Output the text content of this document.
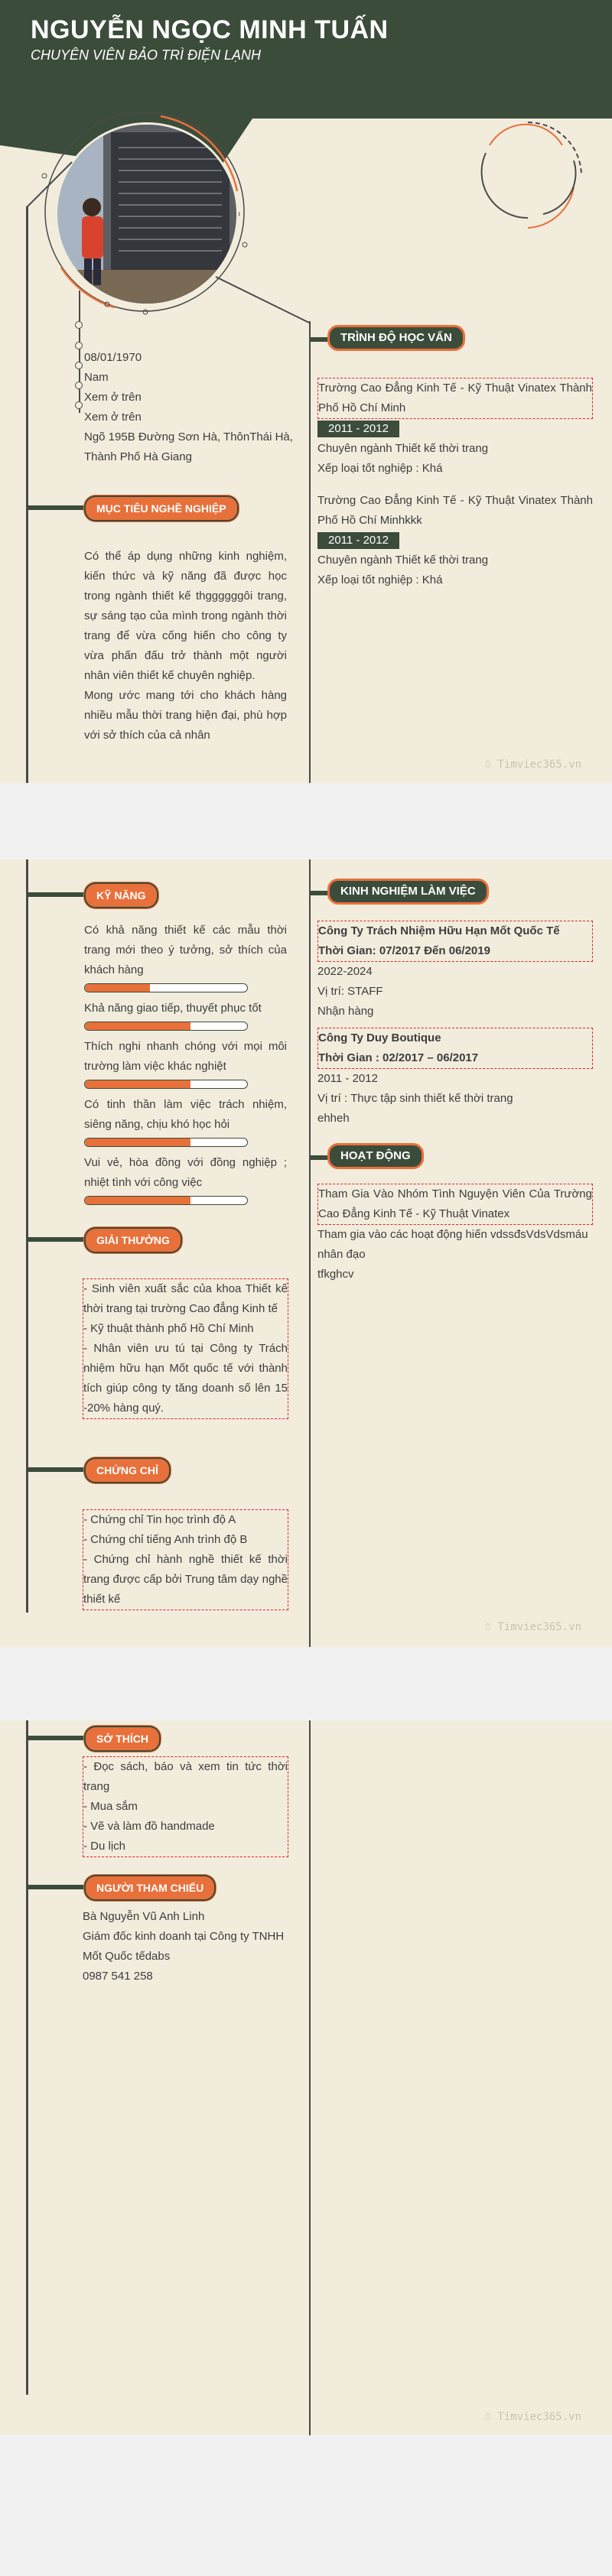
NGUYỄN NGỌC MINH TUẤN
CHUYÊN VIÊN BẢO TRÌ ĐIỆN LẠNH
08/01/1970
Nam
Xem ở trên
Xem ở trên
Ngõ 195B Đường Sơn Hà, ThônThái Hà, Thành Phố Hà Giang
MỤC TIÊU NGHỀ NGHIỆP
Có thể áp dụng những kinh nghiệm, kiến thức và kỹ năng đã được học trong ngành thiết kế thggggggôi trang, sự sáng tạo của mình trong ngành thời trang để vừa cống hiến cho công ty vừa phấn đấu trở thành một người nhân viên thiết kế chuyên nghiệp.
Mong ước mang tới cho khách hàng nhiều mẫu thời trang hiện đại, phù hợp với sở thích của cả nhân
TRÌNH ĐỘ HỌC VẤN
Trường Cao Đẳng Kinh Tế - Kỹ Thuật Vinatex Thành Phố Hồ Chí Minh
2011 - 2012
Chuyên ngành Thiết kế thời trang
Xếp loại tốt nghiệp : Khá
Trường Cao Đẳng Kinh Tế - Kỹ Thuật Vinatex Thành Phố Hồ Chí Minhkkk
2011 - 2012
Chuyên ngành Thiết kế thời trang
Xếp loại tốt nghiệp : Khá
☃ Timviec365.vn
KỸ NĂNG
Có khả năng thiết kế các mẫu thời trang mới theo ý tưởng, sở thích của khách hàng
Khả năng giao tiếp, thuyết phục tốt
Thích nghi nhanh chóng với mọi môi trường làm việc khác nghiệt
Có tinh thần làm việc trách nhiệm, siêng năng, chịu khó học hỏi
Vui vẻ, hòa đồng với đồng nghiệp ; nhiệt tình với công việc
GIẢI THƯỞNG
- Sinh viên xuất sắc của khoa Thiết kế thời trang tại trường Cao đẳng Kinh tế
- Kỹ thuật thành phố Hồ Chí Minh
- Nhân viên ưu tú tại Công ty Trách nhiệm hữu hạn Mốt quốc tế với thành tích giúp công ty tăng doanh số lên 15 -20% hàng quý.
CHỨNG CHỈ
- Chứng chỉ Tin học trình độ A
- Chứng chỉ tiếng Anh trình độ B
- Chứng chỉ hành nghề thiết kế thời trang được cấp bởi Trung tâm dạy nghề thiết kế
KINH NGHIỆM LÀM VIỆC
Công Ty Trách Nhiệm Hữu Hạn Mốt Quốc Tế
Thời Gian: 07/2017 Đến 06/2019
2022-2024
Vị trí: STAFF
Nhận hàng
Công Ty Duy Boutique
Thời Gian : 02/2017 – 06/2017
2011 - 2012
Vị trí : Thực tập sinh thiết kế thời trang
ehheh
HOẠT ĐỘNG
Tham Gia Vào Nhóm Tình Nguyện Viên Của Trường Cao Đẳng Kinh Tế - Kỹ Thuật Vinatex
Tham gia vào các hoạt động hiến vdssđsVdsVdsmáu nhân đạo
tfkghcv
☃ Timviec365.vn
SỞ THÍCH
- Đọc sách, báo và xem tin tức thời trang
- Mua sắm
- Vẽ và làm đồ handmade
- Du lịch
NGƯỜI THAM CHIẾU
Bà Nguyễn Vũ Anh Linh
Giám đốc kinh doanh tại Công ty TNHH Mốt Quốc tếdabs
0987 541 258
☃ Timviec365.vn
